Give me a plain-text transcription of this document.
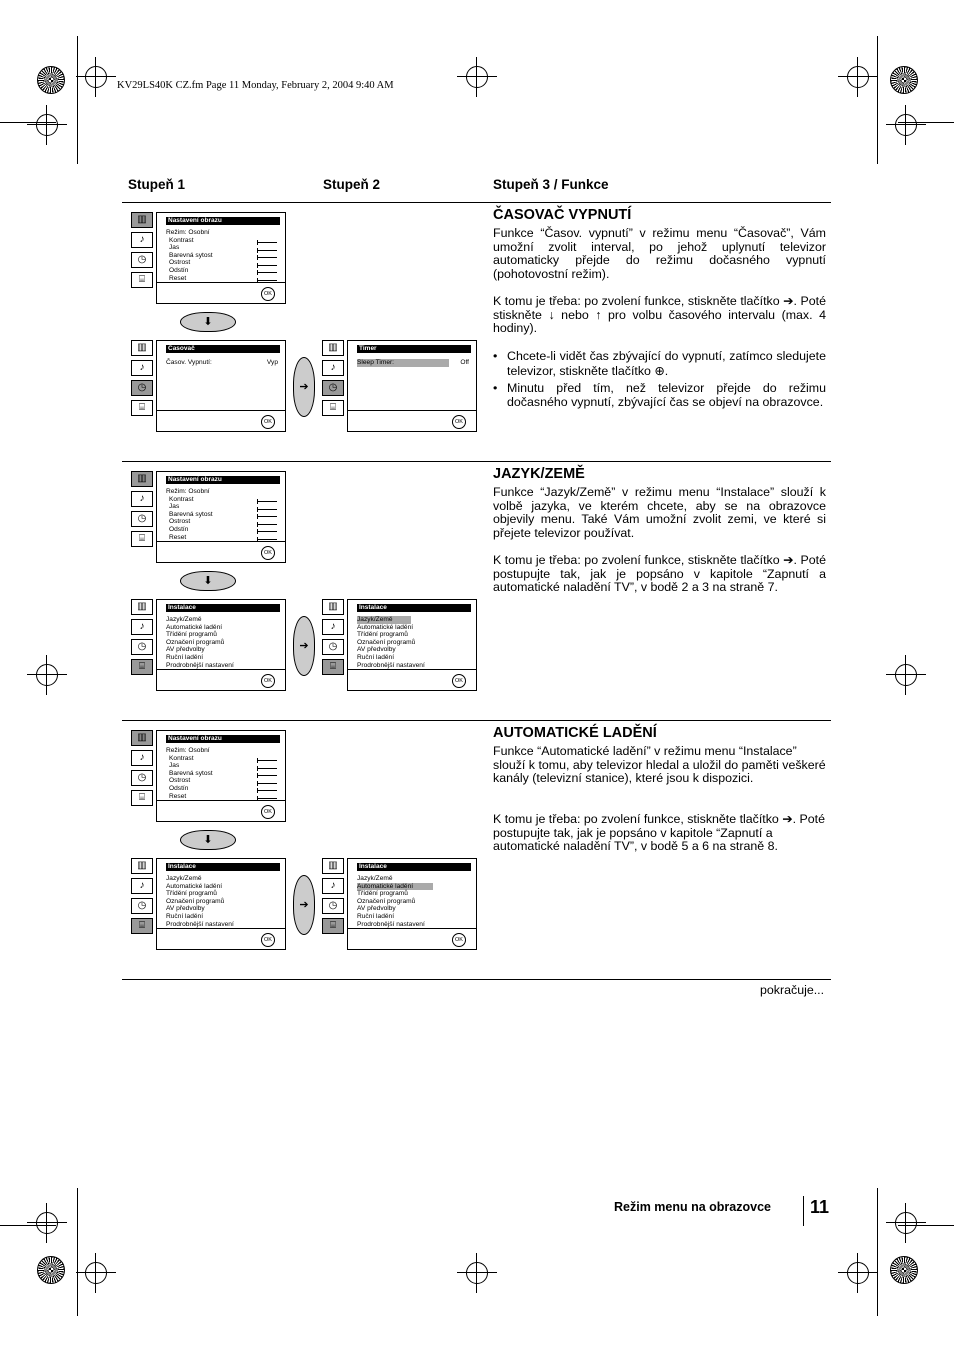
KV29LS40K CZ.fm Page 11 Monday, February 2, 2004 9:40 AM
Stupeň 1	Stupeň 2	Stupeň 3 / Funkce
▥
♪
◷
⌸
Nastavení obrazu
Režim: Osobní
Kontrast
Jas
Barevná sytost
Ostrost
Odstín
Reset
OK
⬇
▥
♪
◷
⌸
Časovač
Časov. Vypnutí:	Vyp
OK
➔
▥
♪
◷
⌸
Timer
Sleep Timer:	Off
OK
ČASOVAČ VYPNUTÍ

Funkce “Časov. vypnutí” v režimu menu “Časovač”, Vám umožní zvolit interval, po jehož uplynutí televizor automaticky přejde do režimu dočasného vypnutí (pohotovostní režim).

K tomu je třeba: po zvolení funkce, stiskněte tlačítko ➔. Poté stiskněte ↓ nebo ↑ pro volbu časového intervalu (max. 4 hodiny).

• Chcete-li vidět čas zbývající do vypnutí, zatímco sledujete televizor, stiskněte tlačítko ⊕.
• Minutu před tím, než televizor přejde do režimu dočasného vypnutí, zbývající čas se objeví na obrazovce.
▥
♪
◷
⌸
Nastavení obrazu
Režim: Osobní
Kontrast
Jas
Barevná sytost
Ostrost
Odstín
Reset
OK
⬇
▥
♪
◷
⌸
Instalace
Jazyk/Země
Automatické ladění
Třídění programů
Označení programů
AV předvolby
Ruční ladění
Prodrobnější nastavení
OK
➔
▥
♪
◷
⌸
Instalace
Jazyk/Země
Automatické ladění
Třídění programů
Označení programů
AV předvolby
Ruční ladění
Prodrobnější nastavení
OK
JAZYK/ZEMĚ

Funkce “Jazyk/Země” v režimu menu “Instalace” slouží k volbě jazyka, ve kterém chcete, aby se na obrazovce objevily menu. Také Vám umožní zvolit zemi, ve které si přejete televizor používat.

K tomu je třeba: po zvolení funkce, stiskněte tlačítko ➔. Poté postupujte tak, jak je popsáno v kapitole “Zapnutí a automatické naladění TV”, v bodě 2 a 3 na straně 7.

▥
♪
◷
⌸
Nastavení obrazu
Režim: Osobní
Kontrast
Jas
Barevná sytost
Ostrost
Odstín
Reset
OK
⬇
▥
♪
◷
⌸
Instalace
Jazyk/Země
Automatické ladění
Třídění programů
Označení programů
AV předvolby
Ruční ladění
Prodrobnější nastavení
OK
➔
▥
♪
◷
⌸
Instalace
Jazyk/Země
Automatické ladění
Třídění programů
Označení programů
AV předvolby
Ruční ladění
Prodrobnější nastavení
OK
AUTOMATICKÉ LADĚNÍ

Funkce “Automatické ladění” v režimu menu “Instalace” slouží k tomu, aby televizor hledal a uložil do paměti veškeré kanály (televizní stanice), které jsou k dispozici.

K tomu je třeba: po zvolení funkce, stiskněte tlačítko ➔. Poté postupujte tak, jak je popsáno v kapitole “Zapnutí a automatické naladění TV”, v bodě 5 a 6 na straně 8.

pokračuje...
Režim menu na obrazovce 11
